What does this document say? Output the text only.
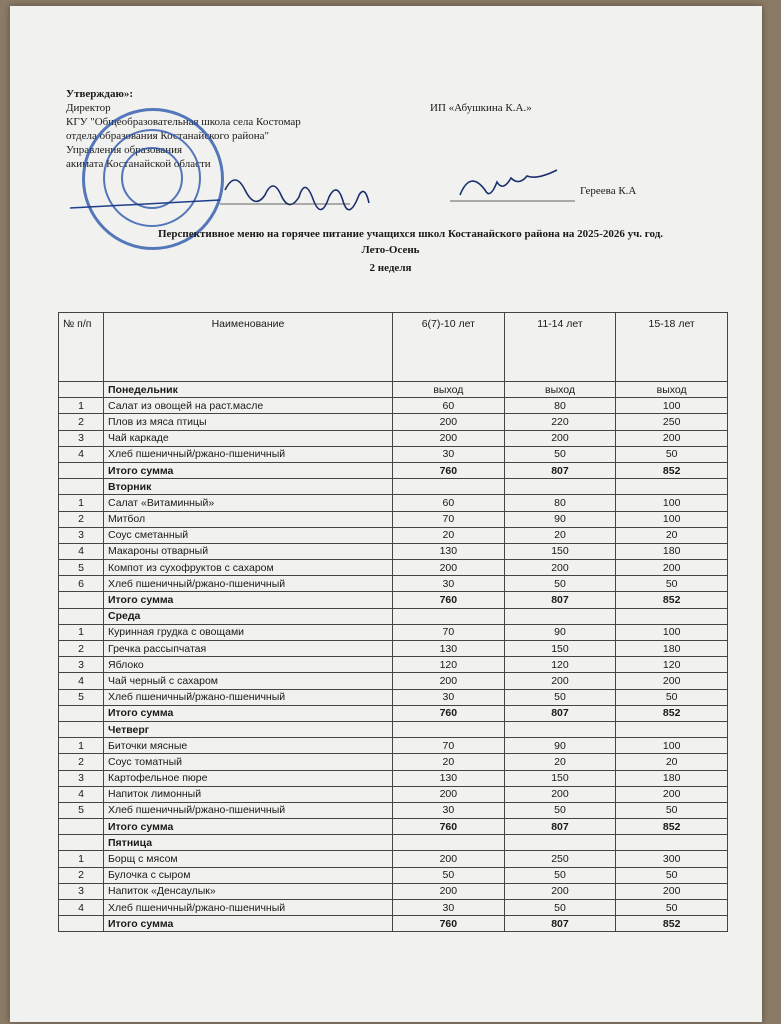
Утверждаю»:
Директор
КГУ "Общеобразовательная школа села Костомар
отдела образования Костанайского района"
Управления образования
акимата Костанайской области
ИП «Абушкина К.А.»
Гереева К.А
Перспективное меню на горячее питание учащихся школ Костанайского района на 2025-2026 уч. год.
Лето-Осень
2 неделя
№ п/п	Наименование	6(7)-10 лет	11-14 лет	15-18 лет
	Понедельник	выход	выход	выход
1	Салат из овощей на раст.масле	60	80	100
2	Плов из мяса птицы	200	220	250
3	Чай каркаде	200	200	200
4	Хлеб пшеничный/ржано-пшеничный	30	50	50
	Итого сумма	760	807	852
	Вторник			
1	Салат «Витаминный»	60	80	100
2	Митбол	70	90	100
3	Соус сметанный	20	20	20
4	Макароны отварный	130	150	180
5	Компот из сухофруктов с сахаром	200	200	200
6	Хлеб пшеничный/ржано-пшеничный	30	50	50
	Итого сумма	760	807	852
	Среда			
1	Куринная грудка с овощами	70	90	100
2	Гречка рассыпчатая	130	150	180
3	Яблоко	120	120	120
4	Чай черный с сахаром	200	200	200
5	Хлеб пшеничный/ржано-пшеничный	30	50	50
	Итого сумма	760	807	852
	Четверг			
1	Биточки мясные	70	90	100
2	Соус томатный	20	20	20
3	Картофельное пюре	130	150	180
4	Напиток лимонный	200	200	200
5	Хлеб пшеничный/ржано-пшеничный	30	50	50
	Итого сумма	760	807	852
	Пятница			
1	Борщ с мясом	200	250	300
2	Булочка с сыром	50	50	50
3	Напиток «Денсаулык»	200	200	200
4	Хлеб пшеничный/ржано-пшеничный	30	50	50
	Итого сумма	760	807	852
